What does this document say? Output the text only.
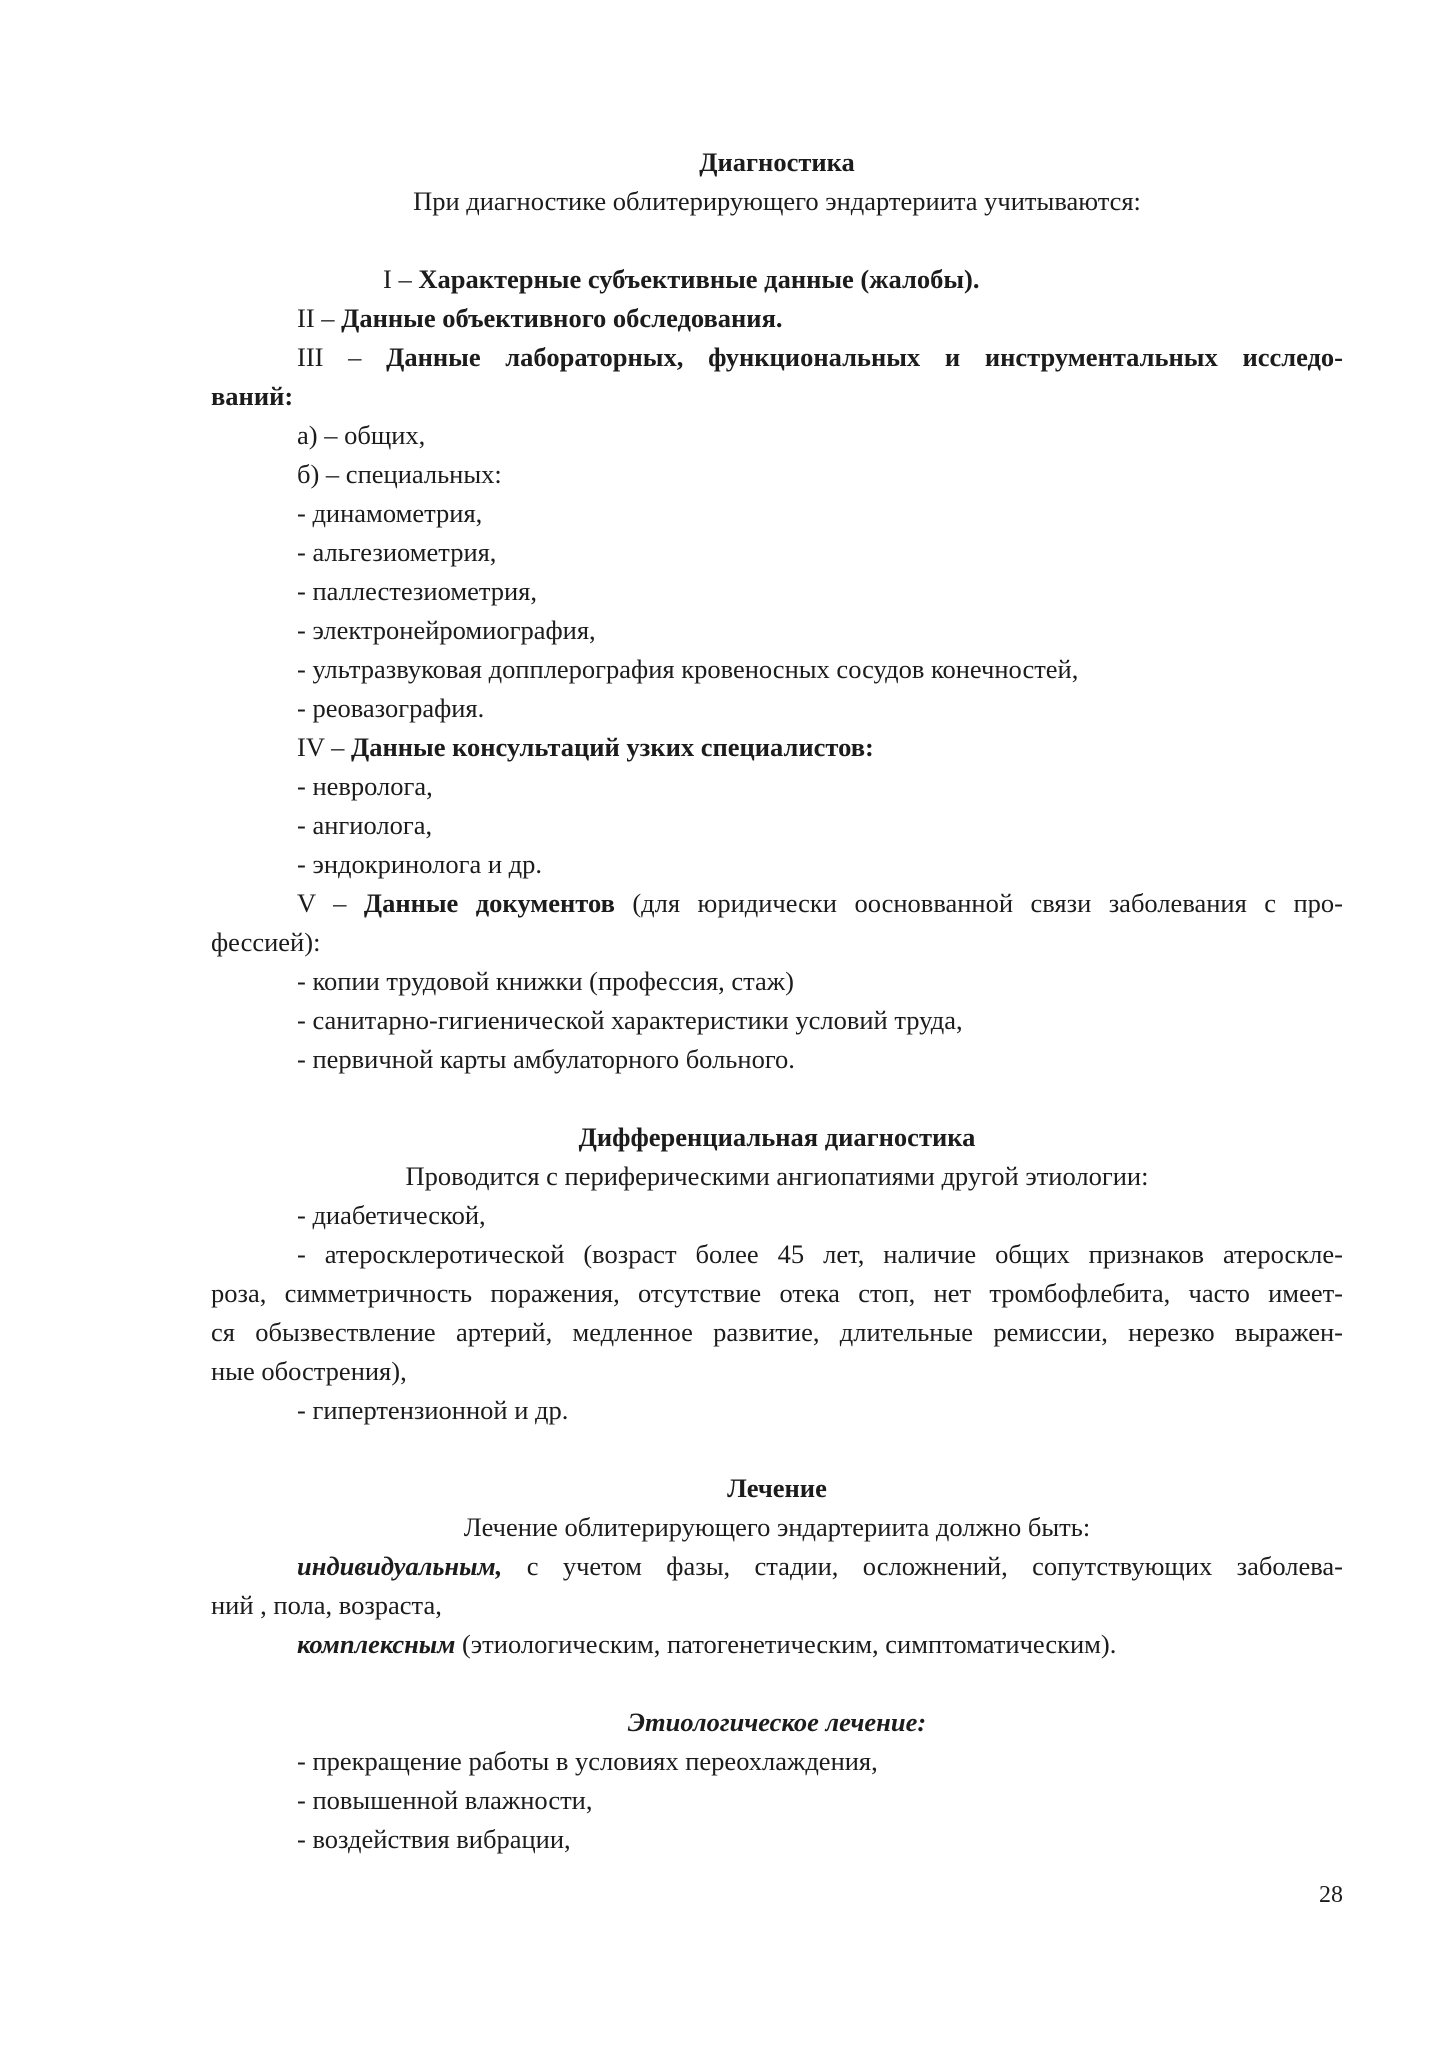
Диагностика

При диагностике облитерирующего эндартериита учитываются:

I – Характерные субъективные данные (жалобы).

II – Данные объективного обследования.

III – Данные лабораторных, функциональных и инструментальных исследо-

ваний:

а) – общих,

б) – специальных:

- динамометрия,

- альгезиометрия,

- паллестезиометрия,

- электронейромиография,

- ультразвуковая допплерография кровеносных сосудов конечностей,

- реовазография.

IV – Данные консультаций узких специалистов:

- невролога,

- ангиолога,

- эндокринолога и др.

V – Данные документов (для юридически оосновванной связи заболевания с про-

фессией):

- копии трудовой книжки (профессия, стаж)

- санитарно-гигиенической характеристики условий труда,

- первичной карты амбулаторного больного.

Дифференциальная диагностика

Проводится с периферическими ангиопатиями другой этиологии:

- диабетической,

- атеросклеротической (возраст более 45 лет, наличие общих признаков атероскле-

роза, симметричность поражения, отсутствие отека стоп, нет тромбофлебита, часто имеет-

ся обызвествление артерий, медленное развитие, длительные ремиссии, нерезко выражен-

ные обострения),

- гипертензионной и др.

Лечение

Лечение облитерирующего эндартериита должно быть:

индивидуальным, с учетом фазы, стадии, осложнений, сопутствующих заболева-

ний , пола, возраста,

комплексным (этиологическим, патогенетическим, симптоматическим).

Этиологическое лечение:

- прекращение работы в условиях переохлаждения,

- повышенной влажности,

- воздействия вибрации,

28
